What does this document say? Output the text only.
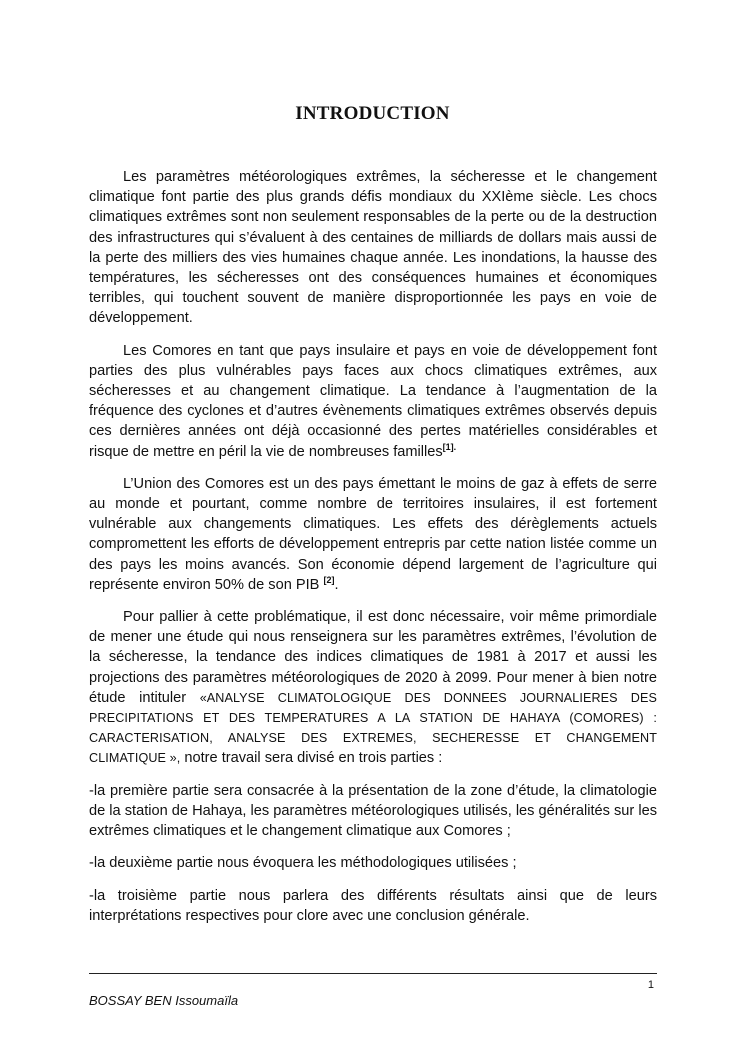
INTRODUCTION

Les paramètres météorologiques extrêmes, la sécheresse et le changement climatique font partie des plus grands défis mondiaux du XXIème siècle. Les chocs climatiques extrêmes sont non seulement responsables de la perte ou de la destruction des infrastructures qui s’évaluent à des centaines de milliards de dollars mais aussi de la perte des milliers des vies humaines chaque année. Les inondations, la hausse des températures, les sécheresses ont des conséquences humaines et économiques terribles, qui touchent souvent de manière disproportionnée les pays en voie de développement.

Les Comores en tant que pays insulaire et pays en voie de développement font parties des plus vulnérables pays faces aux chocs climatiques extrêmes, aux sécheresses et au changement climatique. La tendance à l’augmentation de la fréquence des cyclones et d’autres évènements climatiques extrêmes observés depuis ces dernières années ont déjà occasionné des pertes matérielles considérables et risque de mettre en péril la vie de nombreuses familles$^{[1].}$

L’Union des Comores est un des pays émettant le moins de gaz à effets de serre au monde et pourtant, comme nombre de territoires insulaires, il est fortement vulnérable aux changements climatiques. Les effets des dérèglements actuels compromettent les efforts de développement entrepris par cette nation listée comme un des pays les moins avancés. Son économie dépend largement de l’agriculture qui représente environ 50% de son PIB [2].

Pour pallier à cette problématique, il est donc nécessaire, voir même primordiale de mener une étude qui nous renseignera sur les paramètres extrêmes, l’évolution de la sécheresse, la tendance des indices climatiques de 1981 à 2017 et aussi les projections des paramètres météorologiques de 2020 à 2099. Pour mener à bien notre étude intituler «ANALYSE CLIMATOLOGIQUE DES DONNEES JOURNALIERES DES PRECIPITATIONS ET DES TEMPERATURES A LA STATION DE HAHAYA (COMORES) : CARACTERISATION, ANALYSE DES EXTREMES, SECHERESSE ET CHANGEMENT CLIMATIQUE », notre travail sera divisé en trois parties :

-la première partie sera consacrée à la présentation de la zone d’étude, la climatologie de la station de Hahaya, les paramètres météorologiques utilisés, les généralités sur les extrêmes climatiques et le changement climatique aux Comores ;

-la deuxième partie nous évoquera les méthodologiques utilisées ;

-la troisième partie nous parlera des différents résultats ainsi que de leurs interprétations respectives pour clore avec une conclusion générale.

1
BOSSAY BEN Issoumaïla
